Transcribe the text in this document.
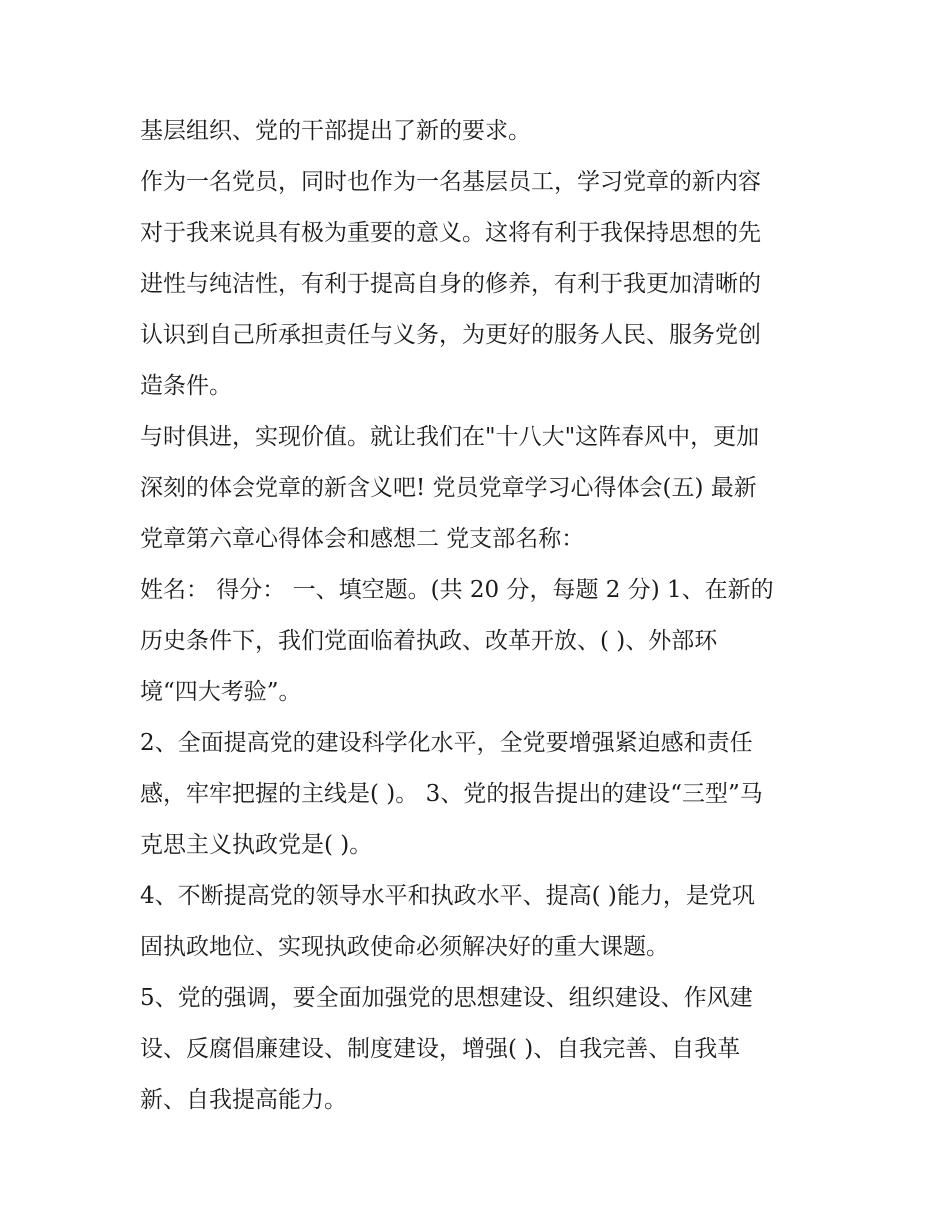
基层组织、党的干部提出了新的要求。

作为一名党员，同时也作为一名基层员工，学习党章的新内容
对于我来说具有极为重要的意义。这将有利于我保持思想的先
进性与纯洁性，有利于提高自身的修养，有利于我更加清晰的
认识到自己所承担责任与义务，为更好的服务人民、服务党创
造条件。

与时俱进，实现价值。就让我们在"十八大"这阵春风中，更加
深刻的体会党章的新含义吧! 党员党章学习心得体会(五) 最新
党章第六章心得体会和感想二 党支部名称：

姓名： 得分： 一、填空题。(共 20 分，每题 2 分) 1、在新的
历史条件下，我们党面临着执政、改革开放、( )、外部环
境“四大考验”。

2、全面提高党的建设科学化水平，全党要增强紧迫感和责任
感，牢牢把握的主线是( )。 3、党的报告提出的建设“三型”马
克思主义执政党是( )。

4、不断提高党的领导水平和执政水平、提高( )能力，是党巩
固执政地位、实现执政使命必须解决好的重大课题。

5、党的强调，要全面加强党的思想建设、组织建设、作风建
设、反腐倡廉建设、制度建设，增强( )、自我完善、自我革
新、自我提高能力。
